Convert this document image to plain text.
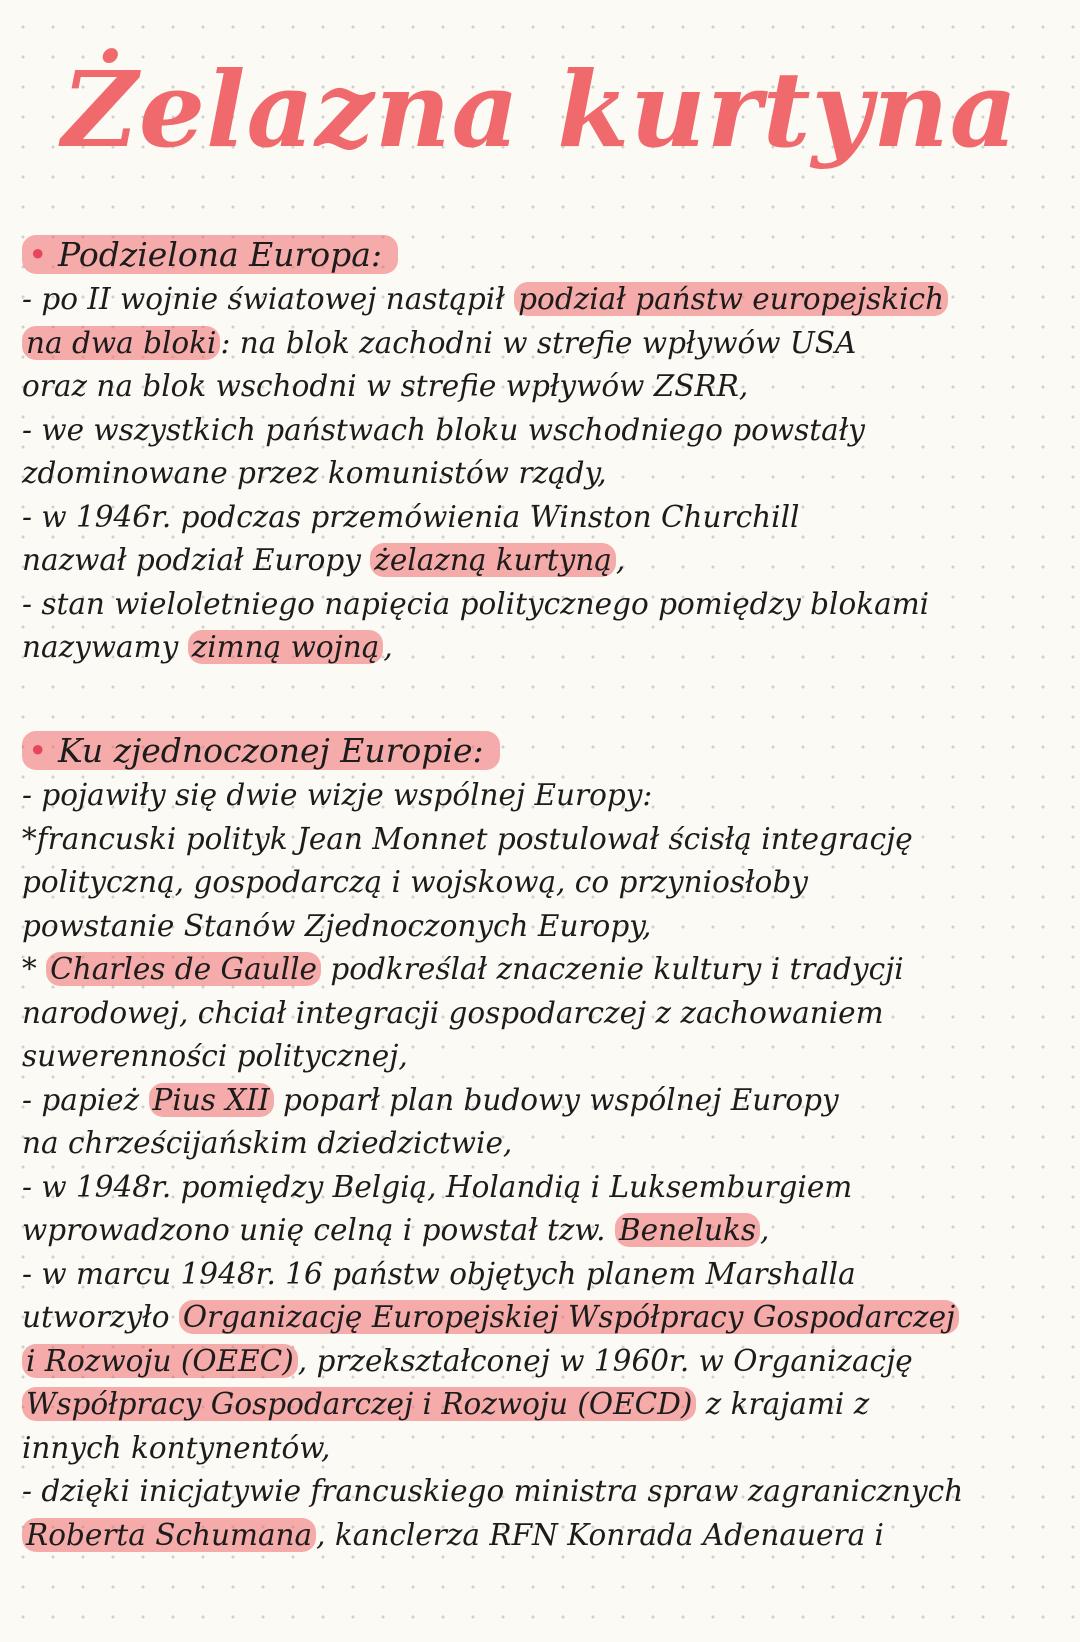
Żelazna kurtyna
• Podzielona Europa:
- po II wojnie światowej nastąpił podział państw europejskich
na dwa bloki : na blok zachodni w strefie wpływów USA
oraz na blok wschodni w strefie wpływów ZSRR,
- we wszystkich państwach bloku wschodniego powstały
zdominowane przez komunistów rządy,
- w 1946r. podczas przemówienia Winston Churchill
nazwał podział Europy żelazną kurtyną ,
- stan wieloletniego napięcia politycznego pomiędzy blokami
nazywamy zimną wojną ,
• Ku zjednoczonej Europie:
- pojawiły się dwie wizje wspólnej Europy:
*francuski polityk Jean Monnet postulował ścisłą integrację
polityczną, gospodarczą i wojskową, co przyniosłoby
powstanie Stanów Zjednoczonych Europy,
* Charles de Gaulle podkreślał znaczenie kultury i tradycji
narodowej, chciał integracji gospodarczej z zachowaniem
suwerenności politycznej,
- papież Pius XII poparł plan budowy wspólnej Europy
na chrześcijańskim dziedzictwie,
- w 1948r. pomiędzy Belgią, Holandią i Luksemburgiem
wprowadzono unię celną i powstał tzw. Beneluks ,
- w marcu 1948r. 16 państw objętych planem Marshalla
utworzyło Organizację Europejskiej Współpracy Gospodarczej
i Rozwoju (OEEC) , przekształconej w 1960r. w Organizację
Współpracy Gospodarczej i Rozwoju (OECD) z krajami z
innych kontynentów,
- dzięki inicjatywie francuskiego ministra spraw zagranicznych
Roberta Schumana , kanclerza RFN Konrada Adenauera i
